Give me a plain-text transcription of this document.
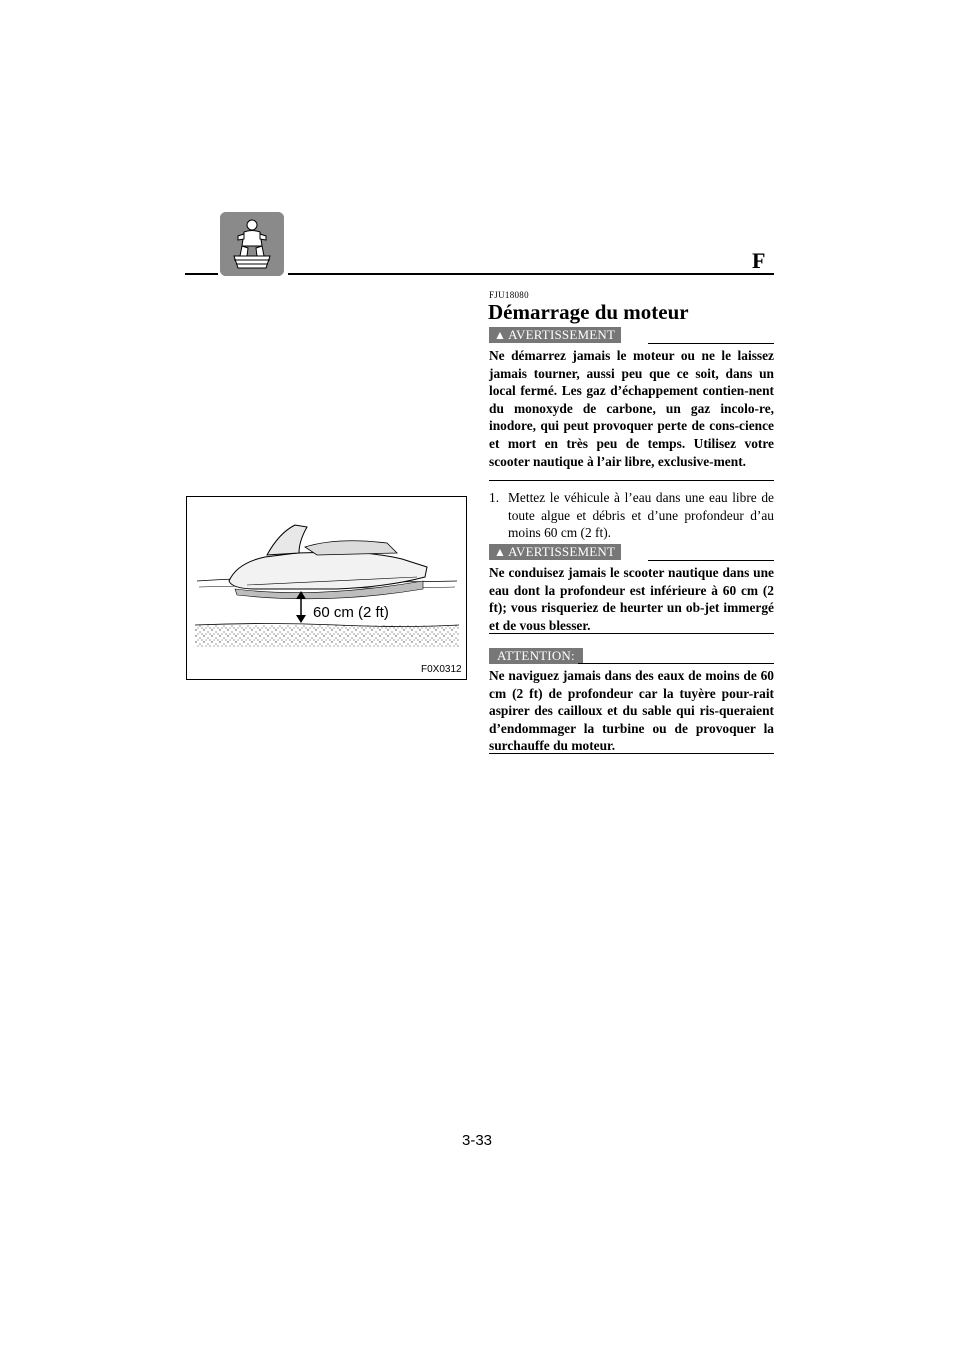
F
FJU18080
Démarrage du moteur
▲ AVERTISSEMENT
Ne démarrez jamais le moteur ou ne le laissez jamais tourner, aussi peu que ce soit, dans un local fermé. Les gaz d’échappement contien-nent du monoxyde de carbone, un gaz incolo-re, inodore, qui peut provoquer perte de cons-cience et mort en très peu de temps. Utilisez votre scooter nautique à l’air libre, exclusive-ment.
1. Mettez le véhicule à l’eau dans une eau libre de toute algue et débris et d’une profondeur d’au moins 60 cm (2 ft).
▲ AVERTISSEMENT
Ne conduisez jamais le scooter nautique dans une eau dont la profondeur est inférieure à 60 cm (2 ft); vous risqueriez de heurter un ob-jet immergé et de vous blesser.
ATTENTION:
Ne naviguez jamais dans des eaux de moins de 60 cm (2 ft) de profondeur car la tuyère pour-rait aspirer des cailloux et du sable qui ris-queraient d’endommager la turbine ou de provoquer la surchauffe du moteur.
60 cm (2 ft)
F0X0312
3-33
